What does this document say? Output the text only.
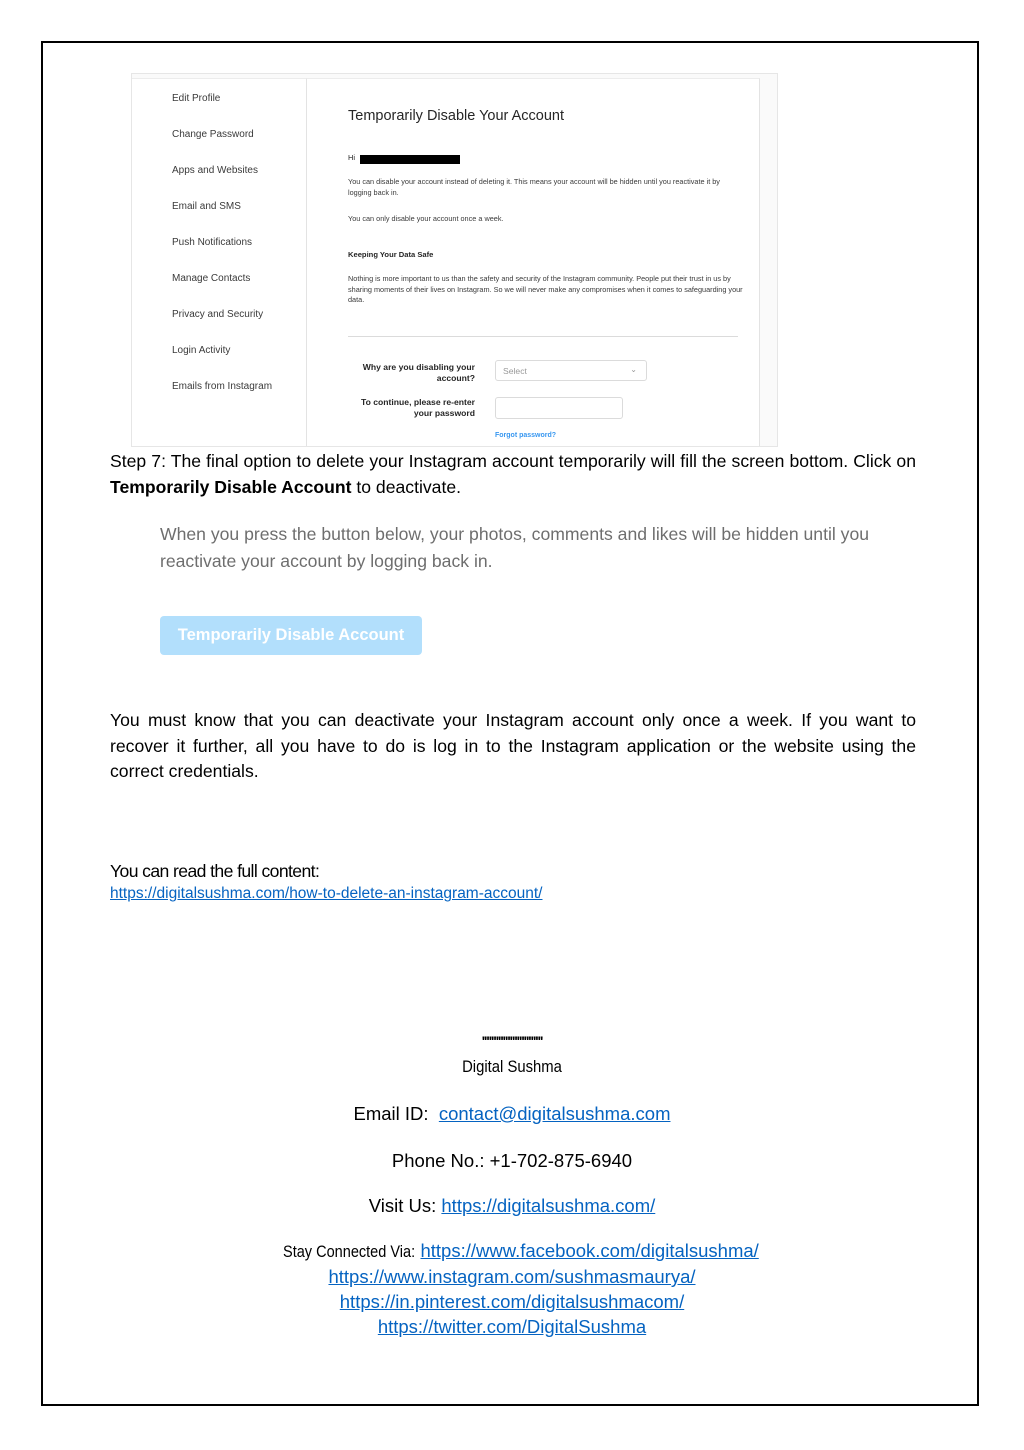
Edit Profile
Change Password
Apps and Websites
Email and SMS
Push Notifications
Manage Contacts
Privacy and Security
Login Activity
Emails from Instagram
Temporarily Disable Your Account
Hi
You can disable your account instead of deleting it. This means your account will be hidden until you reactivate it by logging back in.
You can only disable your account once a week.
Keeping Your Data Safe
Nothing is more important to us than the safety and security of the Instagram community. People put their trust in us by sharing moments of their lives on Instagram. So we will never make any compromises when it comes to safeguarding your data.
Why are you disabling your account?
Select	⌄
To continue, please re-enter your password
Forgot password?
Step 7: The final option to delete your Instagram account temporarily will fill the screen bottom. Click on Temporarily Disable Account to deactivate.
When you press the button below, your photos, comments and likes will be hidden until you reactivate your account by logging back in.
Temporarily Disable Account
You must know that you can deactivate your Instagram account only once a week. If you want to recover it further, all you have to do is log in to the Instagram application or the website using the correct credentials.
You can read the full content:
https://digitalsushma.com/how-to-delete-an-instagram-account/
''''''''''''''''''''''''''
Digital Sushma
Email ID: contact@digitalsushma.com
Phone No.: +1-702-875-6940
Visit Us: https://digitalsushma.com/
Stay Connected Via: https://www.facebook.com/digitalsushma/
https://www.instagram.com/sushmasmaurya/
https://in.pinterest.com/digitalsushmacom/
https://twitter.com/DigitalSushma
